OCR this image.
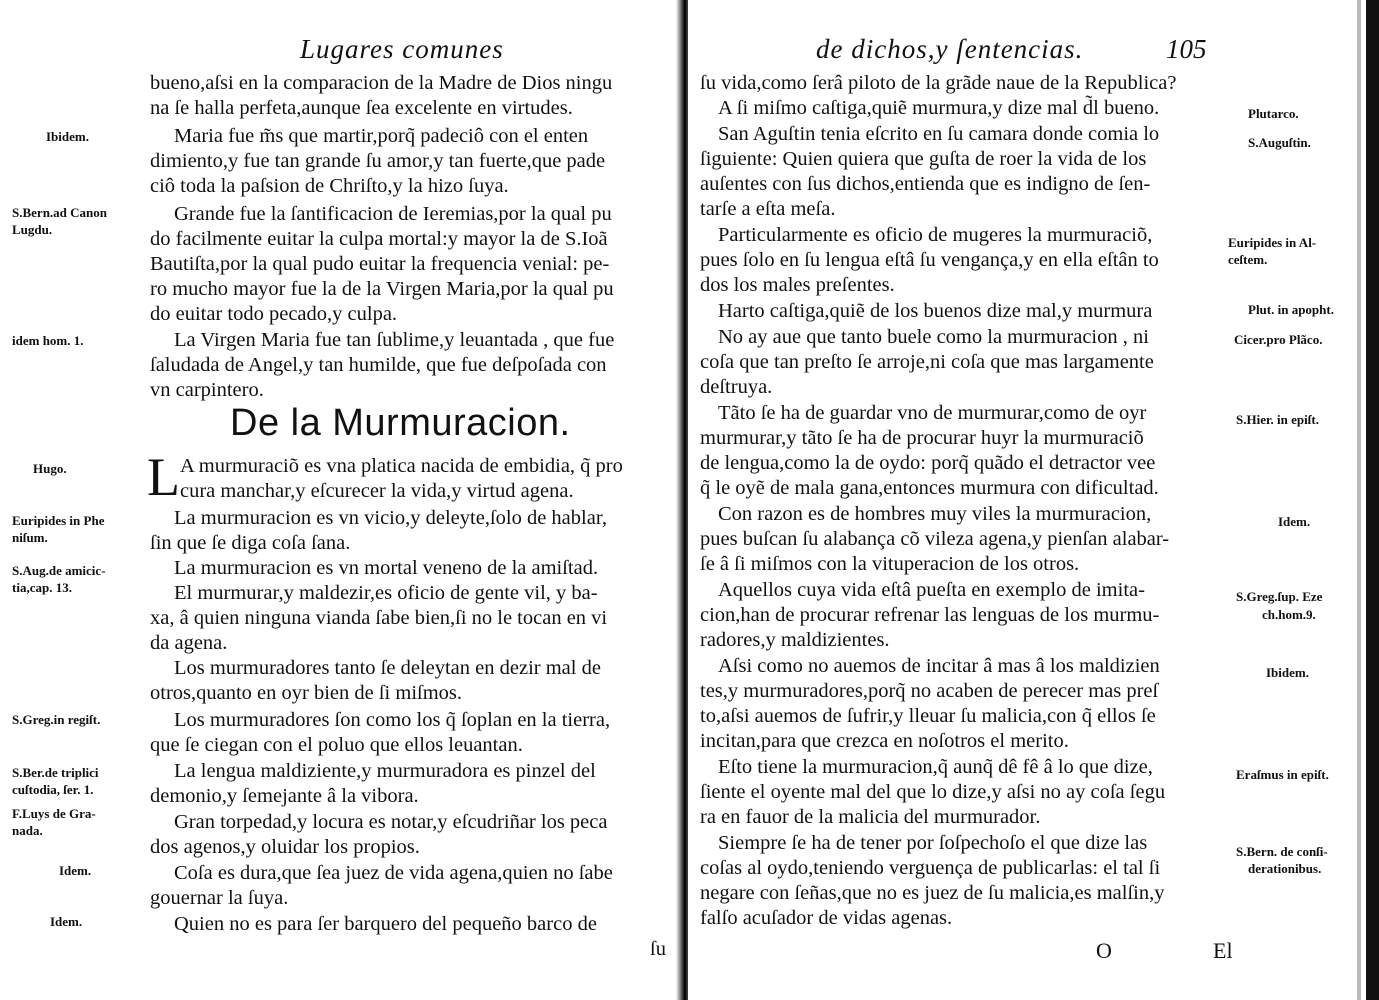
Lugares comunes
bueno,aſsi en la comparacion de la Madre de Dios ningu
na ſe halla perfeta,aunque ſea excelente en virtudes.
Maria fue m̃s que martir,porq̃ padeciô con el enten
dimiento,y fue tan grande ſu amor,y tan fuerte,que pade
ciô toda la paſsion de Chriſto,y la hizo ſuya.
Grande fue la ſantificacion de Ieremias,por la qual pu
do facilmente euitar la culpa mortal:y mayor la de S.Ioã
Bautiſta,por la qual pudo euitar la frequencia venial: pe-
ro mucho mayor fue la de la Virgen Maria,por la qual pu
do euitar todo pecado,y culpa.
La Virgen Maria fue tan ſublime,y leuantada , que fue
ſaludada de Angel,y tan humilde, que fue deſpoſada con
vn carpintero.
De la Murmuracion.
L A murmuraciõ es vna platica nacida de embidia, q̃ pro
cura manchar,y eſcurecer la vida,y virtud agena.
La murmuracion es vn vicio,y deleyte,ſolo de hablar,
ſin que ſe diga coſa ſana.
La murmuracion es vn mortal veneno de la amiſtad.
El murmurar,y maldezir,es oficio de gente vil, y ba-
xa, â quien ninguna vianda ſabe bien,ſi no le tocan en vi
da agena.
Los murmuradores tanto ſe deleytan en dezir mal de
otros,quanto en oyr bien de ſi miſmos.
Los murmuradores ſon como los q̃ ſoplan en la tierra,
que ſe ciegan con el poluo que ellos leuantan.
La lengua maldiziente,y murmuradora es pinzel del
demonio,y ſemejante â la vibora.
Gran torpedad,y locura es notar,y eſcudriñar los peca
dos agenos,y oluidar los propios.
Coſa es dura,que ſea juez de vida agena,quien no ſabe
gouernar la ſuya.
Quien no es para ſer barquero del pequeño barco de
ſu
Ibidem.
S.Bern.ad Canon
Lugdu.
idem hom. 1.
Hugo.
Euripides in Phe
niſum.
S.Aug.de amicic-
tia,cap. 13.
S.Greg.in regiſt.
S.Ber.de triplici
cuſtodia, ſer. 1.
F.Luys de Gra-
nada.
Idem.
Idem.
de dichos,y ſentencias.	105
ſu vida,como ſerâ piloto de la grãde naue de la Republica?
A ſi miſmo caſtiga,quiẽ murmura,y dize mal d̃l bueno.
San Aguſtin tenia eſcrito en ſu camara donde comia lo
ſiguiente: Quien quiera que guſta de roer la vida de los
auſentes con ſus dichos,entienda que es indigno de ſen-
tarſe a eſta meſa.
Particularmente es oficio de mugeres la murmuraciõ,
pues ſolo en ſu lengua eſtâ ſu vengança,y en ella eſtân to
dos los males preſentes.
Harto caſtiga,quiẽ de los buenos dize mal,y murmura
No ay aue que tanto buele como la murmuracion , ni
coſa que tan preſto ſe arroje,ni coſa que mas largamente
deſtruya.
Tãto ſe ha de guardar vno de murmurar,como de oyr
murmurar,y tãto ſe ha de procurar huyr la murmuraciõ
de lengua,como la de oydo: porq̃ quãdo el detractor vee
q̃ le oyẽ de mala gana,entonces murmura con dificultad.
Con razon es de hombres muy viles la murmuracion,
pues buſcan ſu alabança cõ vileza agena,y pienſan alabar-
ſe â ſi miſmos con la vituperacion de los otros.
Aquellos cuya vida eſtâ pueſta en exemplo de imita-
cion,han de procurar refrenar las lenguas de los murmu-
radores,y maldizientes.
Aſsi como no auemos de incitar â mas â los maldizien
tes,y murmuradores,porq̃ no acaben de perecer mas preſ
to,aſsi auemos de ſufrir,y lleuar ſu malicia,con q̃ ellos ſe
incitan,para que crezca en noſotros el merito.
Eſto tiene la murmuracion,q̃ aunq̃ dê fê â lo que dize,
ſiente el oyente mal del que lo dize,y aſsi no ay coſa ſegu
ra en fauor de la malicia del murmurador.
Siempre ſe ha de tener por ſoſpechoſo el que dize las
coſas al oydo,teniendo verguença de publicarlas: el tal ſi
negare con ſeñas,que no es juez de ſu malicia,es malſin,y
falſo acuſador de vidas agenas.
O	El
Plutarco.
S.Auguſtin.
Euripides in Al-
ceſtem.
Plut. in apopht.
Cicer.pro Plãco.
S.Hier. in epiſt.
Idem.
S.Greg.ſup. Eze
ch.hom.9.
Ibidem.
Eraſmus in epiſt.
S.Bern. de conſi-
derationibus.
